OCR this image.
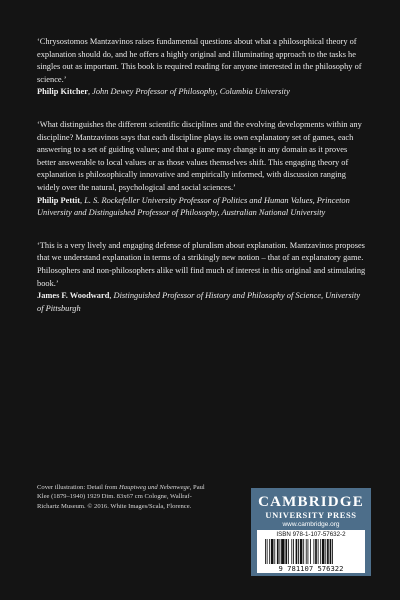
‘Chrysostomos Mantzavinos raises fundamental questions about what a philosophical theory of explanation should do, and he offers a highly original and illuminating approach to the tasks he singles out as important. This book is required reading for anyone interested in the philosophy of science.’

Philip Kitcher, John Dewey Professor of Philosophy, Columbia University

‘What distinguishes the different scientific disciplines and the evolving developments within any discipline? Mantzavinos says that each discipline plays its own explanatory set of games, each answering to a set of guiding values; and that a game may change in any domain as it proves better answerable to local values or as those values themselves shift. This engaging theory of explanation is philosophically innovative and empirically informed, with discussion ranging widely over the natural, psychological and social sciences.’

Philip Pettit, L. S. Rockefeller University Professor of Politics and Human Values, Princeton University and Distinguished Professor of Philosophy, Australian National University

‘This is a very lively and engaging defense of pluralism about explanation. Mantzavinos proposes that we understand explanation in terms of a strikingly new notion – that of an explanatory game. Philosophers and non-philosophers alike will find much of interest in this original and stimulating book.’

James F. Woodward, Distinguished Professor of History and Philosophy of Science, University of Pittsburgh

Cover illustration: Detail from Hauptweg und Nebenwege, Paul Klee (1879–1940) 1929 Dim. 83x67 cm Cologne, Wallraf-Richartz Museum. © 2016. White Images/Scala, Florence.	CAMBRIDGE
UNIVERSITY PRESS
www.cambridge.org
ISBN 978-1-107-57632-2
9 781107 576322
